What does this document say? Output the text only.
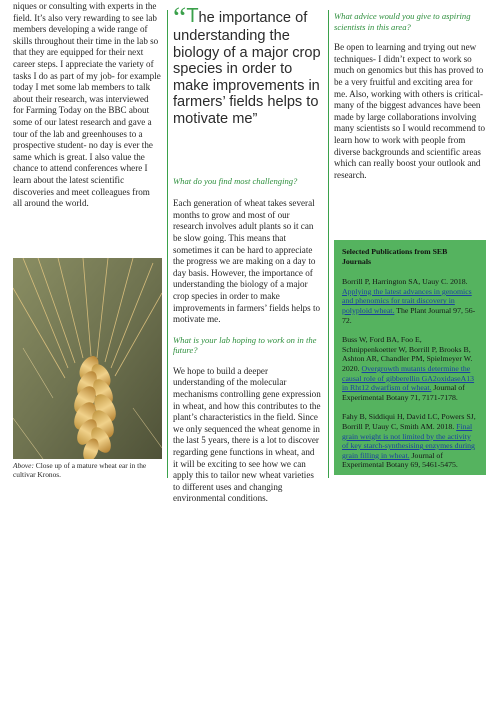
niques or consulting with experts in the field. It’s also very rewarding to see lab members developing a wide range of skills throughout their time in the lab so that they are equipped for their next career steps. I appreciate the variety of tasks I do as part of my job- for example today I met some lab members to talk about their research, was interviewed for Farming Today on the BBC about some of our latest research and gave a tour of the lab and greenhouses to a prospective student- no day is ever the same which is great. I also value the chance to attend conferences where I learn about the latest scientific discoveries and meet colleagues from all around the world.

Above: Close up of a mature wheat ear in the cultivar Kronos.

“The importance of understanding the biology of a major crop species in order to make improvements in farmers’ fields helps to motivate me”

What do you find most challenging?

Each generation of wheat takes several months to grow and most of our research involves adult plants so it can be slow going. This means that sometimes it can be hard to appreciate the progress we are making on a day to day basis. However, the importance of understanding the biology of a major crop species in order to make improvements in farmers’ fields helps to motivate me.

What is your lab hoping to work on in the future?

We hope to build a deeper understanding of the molecular mechanisms controlling gene expression in wheat, and how this contributes to the plant’s characteristics in the field. Since we only sequenced the wheat genome in the last 5 years, there is a lot to discover regarding gene functions in wheat, and it will be exciting to see how we can apply this to tailor new wheat varieties to different uses and changing environmental conditions.

What advice would you give to aspiring scientists in this area?

Be open to learning and trying out new techniques- I didn’t expect to work so much on genomics but this has proved to be a very fruitful and exciting area for me. Also, working with others is critical- many of the biggest advances have been made by large collaborations involving many scientists so I would recommend to learn how to work with people from diverse backgrounds and scientific areas which can really boost your outlook and research.

Selected Publications from SEB Journals

Borrill P, Harrington SA, Uauy C. 2018. Applying the latest advances in genomics and phenomics for trait discovery in polyploid wheat. The Plant Journal 97, 56-72.

Buss W, Ford BA, Foo E, Schnippenkoetter W, Borrill P, Brooks B, Ashton AR, Chandler PM, Spielmeyer W. 2020. Overgrowth mutants determine the causal role of gibberellin GA2oxidaseA13 in Rht12 dwarfism of wheat. Journal of Experimental Botany 71, 7171-7178.

Fahy B, Siddiqui H, David LC, Powers SJ, Borrill P, Uauy C, Smith AM. 2018. Final grain weight is not limited by the activity of key starch-synthesising enzymes during grain filling in wheat. Journal of Experimental Botany 69, 5461-5475.
